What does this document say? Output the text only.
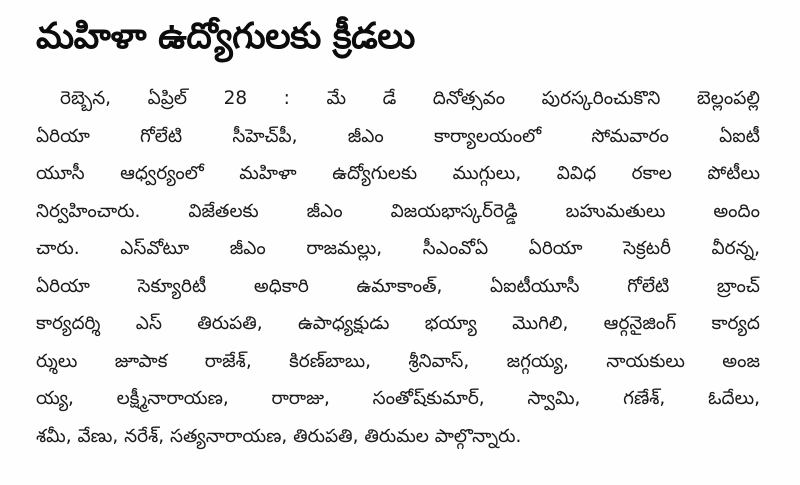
మహిళా ఉద్యోగులకు క్రీడలు
రెబ్బెన, ఏప్రిల్ 28 : మే డే దినోత్సవం పురస్కరించుకొని బెల్లంపల్లి
ఏరియా గోలేటి సీహెచ్‌పీ, జీఎం కార్యాలయంలో సోమవారం ఏఐటీ
యూసీ ఆధ్వర్యంలో మహిళా ఉద్యోగులకు ముగ్గులు, వివిధ రకాల పోటీలు
నిర్వహించారు. విజేతలకు జీఎం విజయభాస్కర్‌రెడ్డి బహుమతులు అందిం
చారు. ఎస్‌వోటూ జీఎం రాజమల్లు, సీఎంవోఏ ఏరియా సెక్రటరీ వీరన్న,
ఏరియా సెక్యూరిటీ అధికారి ఉమాకాంత్, ఏఐటీయూసీ గోలేటి బ్రాంచ్
కార్యదర్శి ఎస్ తిరుపతి, ఉపాధ్యక్షుడు భయ్యా మొగిలి, ఆర్గనైజింగ్ కార్యద
ర్శులు జూపాక రాజేశ్, కిరణ్‌బాబు, శ్రీనివాస్, జగ్గయ్య, నాయకులు అంజ
య్య, లక్ష్మీనారాయణ, రారాజు, సంతోష్‌కుమార్, స్వామి, గణేశ్, ఓదేలు,
శమీ, వేణు, నరేశ్, సత్యనారాయణ, తిరుపతి, తిరుమల పాల్గొన్నారు.
